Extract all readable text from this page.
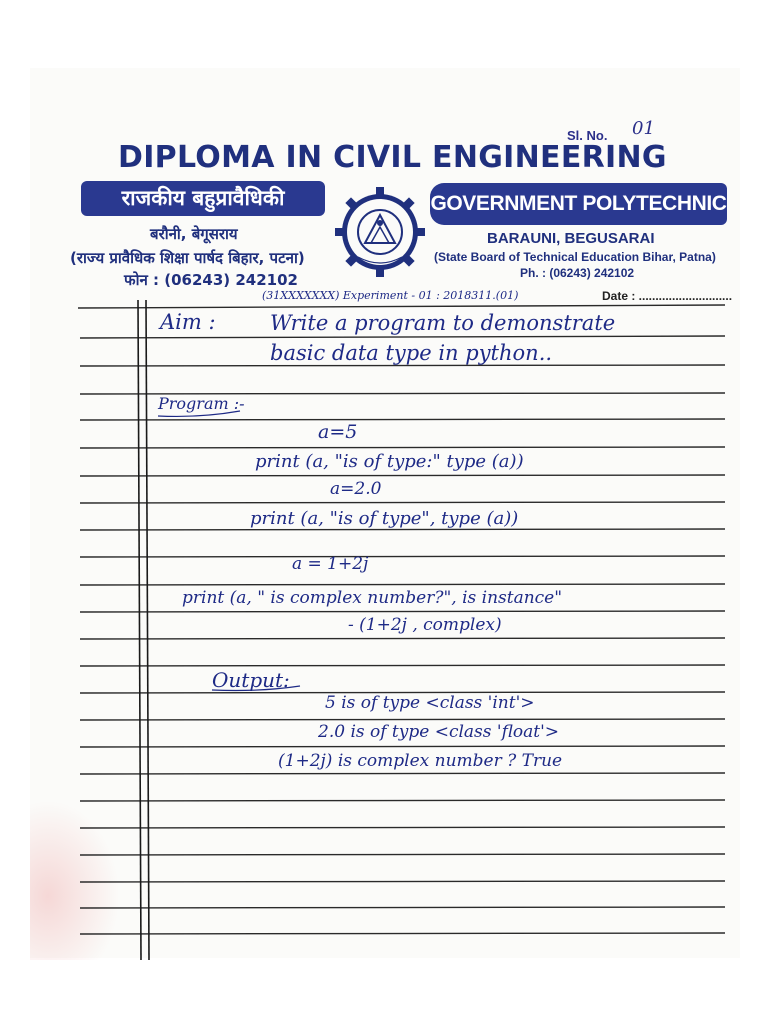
Sl. No. 01
DIPLOMA IN CIVIL ENGINEERING
राजकीय बहुप्रावैधिकी
बरौनी, बेगूसराय
(राज्य प्रावैधिक शिक्षा पार्षद बिहार, पटना)
फोन : (06243) 242102
GOVERNMENT POLYTECHNIC
BARAUNI, BEGUSARAI
(State Board of Technical Education Bihar, Patna)
Ph. : (06243) 242102
Date : ............................
(31XXXXXXX) Experiment - 01 : 2018311.(01)
Aim :	Write a program to demonstrate
basic data type in python..
Program :-
a=5
print (a, "is of type:" type (a))
a=2.0
print (a, "is of type", type (a))
a = 1+2j
print (a, " is complex number?", is instance"
- (1+2j , complex)
Output:
5 is of type <class 'int'>
2.0 is of type <class 'float'>
(1+2j) is complex number ? True
